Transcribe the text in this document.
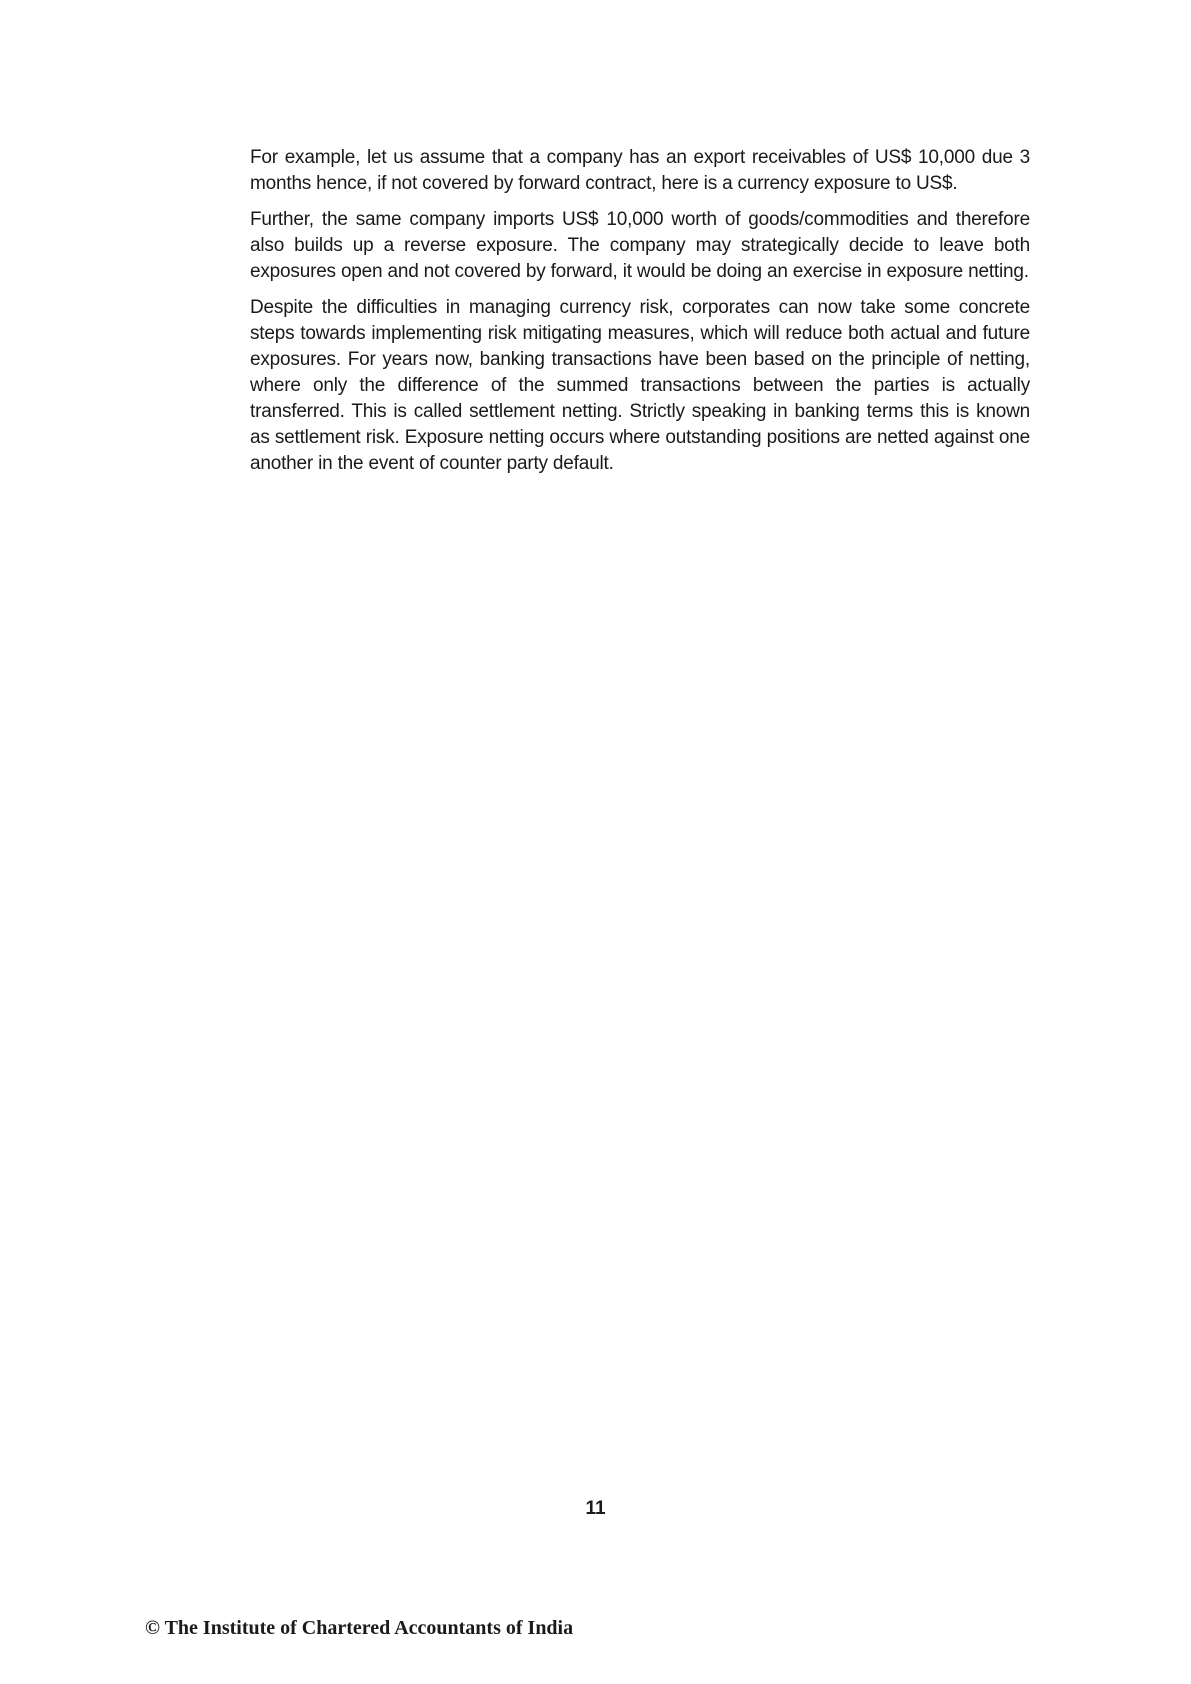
For example, let us assume that a company has an export receivables of US$ 10,000 due 3 months hence, if not covered by forward contract, here is a currency exposure to US$.

Further, the same company imports US$ 10,000 worth of goods/commodities and therefore also builds up a reverse exposure. The company may strategically decide to leave both exposures open and not covered by forward, it would be doing an exercise in exposure netting.

Despite the difficulties in managing currency risk, corporates can now take some concrete steps towards implementing risk mitigating measures, which will reduce both actual and future exposures. For years now, banking transactions have been based on the principle of netting, where only the difference of the summed transactions between the parties is actually transferred. This is called settlement netting. Strictly speaking in banking terms this is known as settlement risk. Exposure netting occurs where outstanding positions are netted against one another in the event of counter party default.

11
© The Institute of Chartered Accountants of India
